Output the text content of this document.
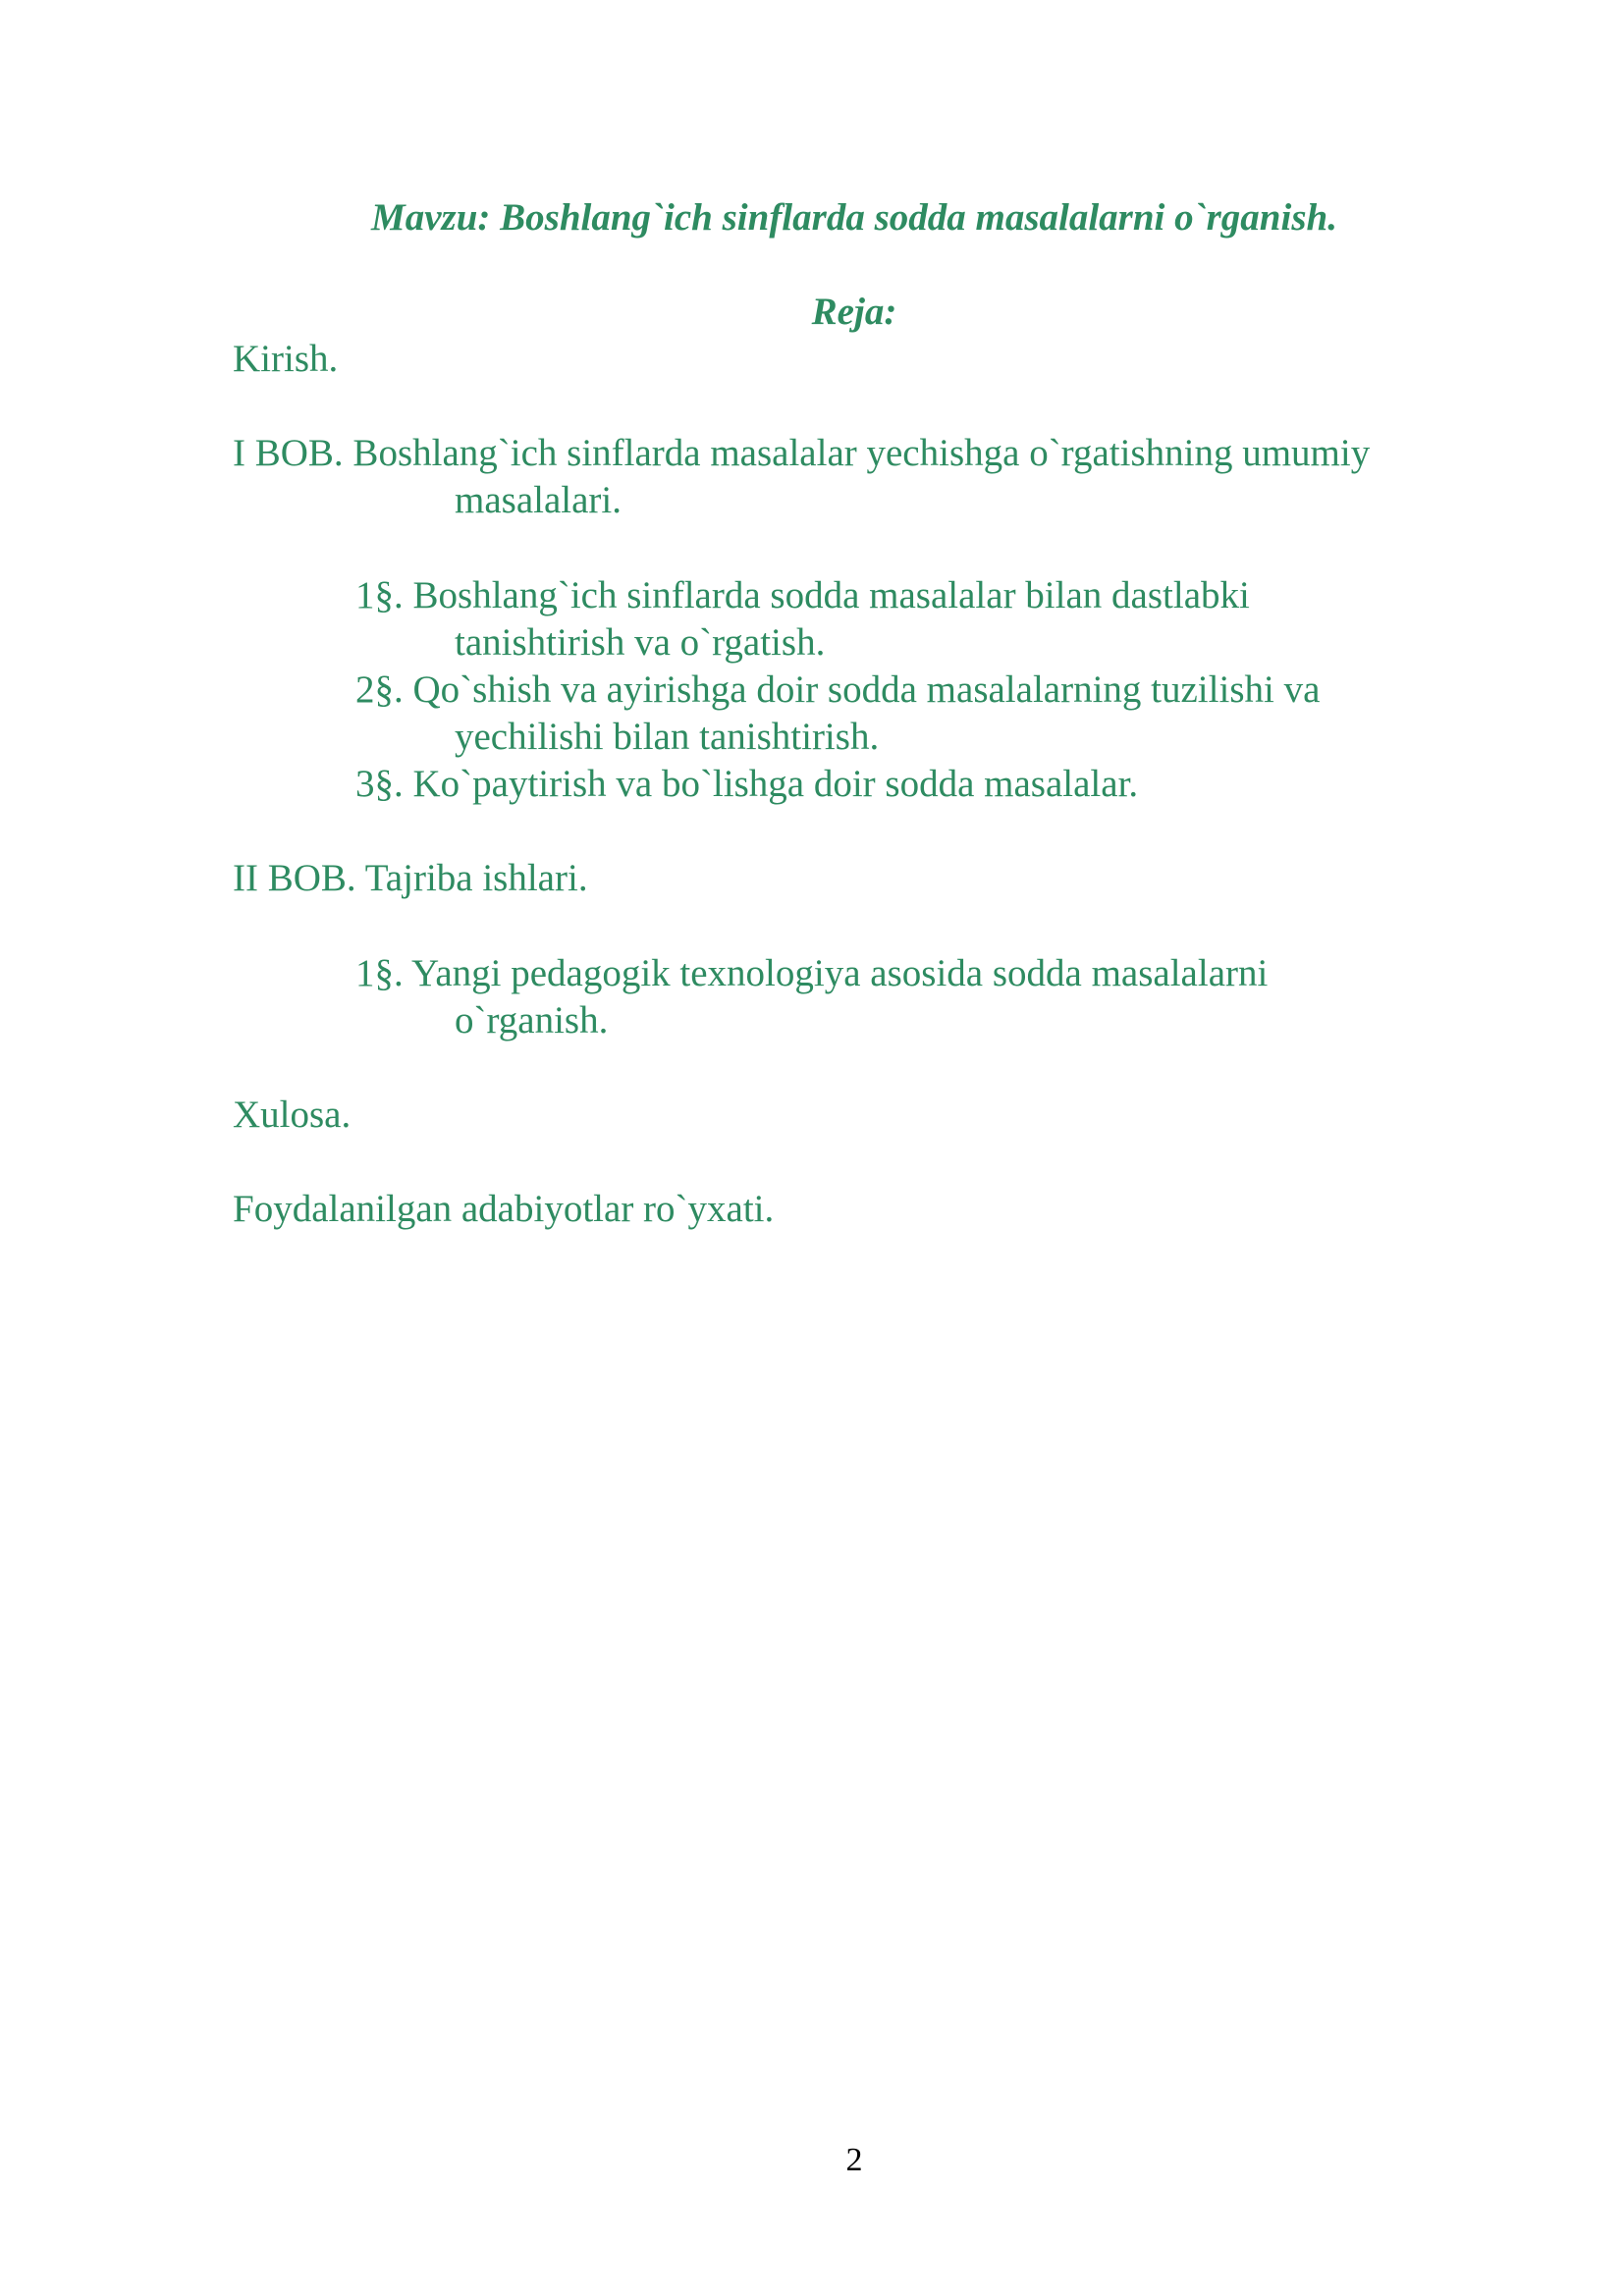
Mavzu: Boshlang`ich sinflarda sodda masalalarni o`rganish.
Reja:
Kirish.
I BOB. Boshlang`ich sinflarda masalalar yechishga o`rgatishning umumiy
masalalari.
1§. Boshlang`ich sinflarda sodda masalalar bilan dastlabki
tanishtirish va o`rgatish.
2§. Qo`shish va ayirishga doir sodda masalalarning tuzilishi va
yechilishi bilan tanishtirish.
3§. Ko`paytirish va bo`lishga doir sodda masalalar.
II BOB. Tajriba ishlari.
1§. Yangi pedagogik texnologiya asosida sodda masalalarni
o`rganish.
Xulosa.
Foydalanilgan adabiyotlar ro`yxati.
2
